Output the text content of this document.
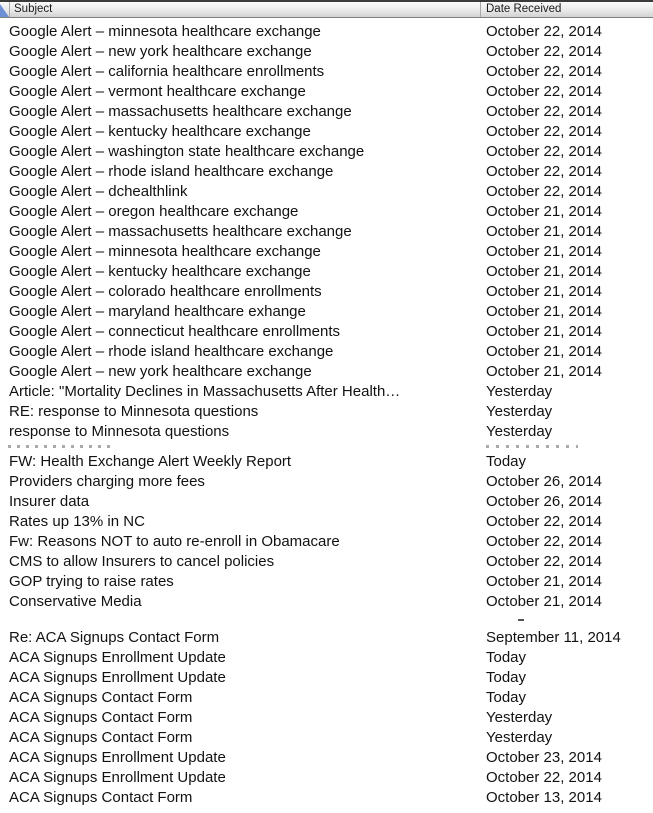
Subject	Date Received
Google Alert – minnesota healthcare exchange	October 22, 2014
Google Alert – new york healthcare exchange	October 22, 2014
Google Alert – california healthcare enrollments	October 22, 2014
Google Alert – vermont healthcare exchange	October 22, 2014
Google Alert – massachusetts healthcare exchange	October 22, 2014
Google Alert – kentucky healthcare exchange	October 22, 2014
Google Alert – washington state healthcare exchange	October 22, 2014
Google Alert – rhode island healthcare exchange	October 22, 2014
Google Alert – dchealthlink	October 22, 2014
Google Alert – oregon healthcare exchange	October 21, 2014
Google Alert – massachusetts healthcare exchange	October 21, 2014
Google Alert – minnesota healthcare exchange	October 21, 2014
Google Alert – kentucky healthcare exchange	October 21, 2014
Google Alert – colorado healthcare enrollments	October 21, 2014
Google Alert – maryland healthcare exhange	October 21, 2014
Google Alert – connecticut healthcare enrollments	October 21, 2014
Google Alert – rhode island healthcare exchange	October 21, 2014
Google Alert – new york healthcare exchange	October 21, 2014
Article: "Mortality Declines in Massachusetts After Health…	Yesterday
RE: response to Minnesota questions	Yesterday
response to Minnesota questions	Yesterday
FW: Health Exchange Alert Weekly Report	Today
Providers charging more fees	October 26, 2014
Insurer data	October 26, 2014
Rates up 13% in NC	October 22, 2014
Fw: Reasons NOT to auto re-enroll in Obamacare	October 22, 2014
CMS to allow Insurers to cancel policies	October 22, 2014
GOP trying to raise rates	October 21, 2014
Conservative Media	October 21, 2014
Re: ACA Signups Contact Form	September 11, 2014
ACA Signups Enrollment Update	Today
ACA Signups Enrollment Update	Today
ACA Signups Contact Form	Today
ACA Signups Contact Form	Yesterday
ACA Signups Contact Form	Yesterday
ACA Signups Enrollment Update	October 23, 2014
ACA Signups Enrollment Update	October 22, 2014
ACA Signups Contact Form	October 13, 2014
